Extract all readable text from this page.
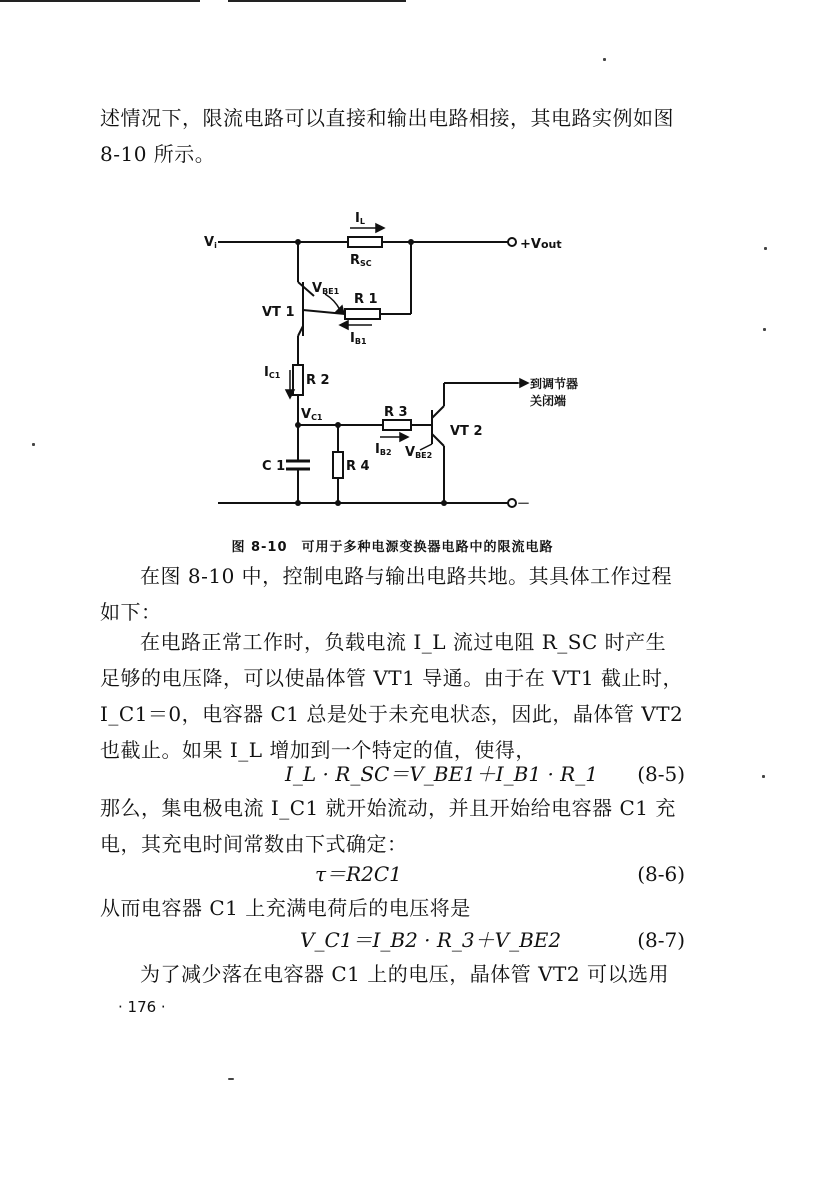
述情况下，限流电路可以直接和输出电路相接，其电路实例如图 8-10 所示。

Vi
IL
RSC
+Vout
VBE1
R 1
IB1
VT 1
IC1 R 2
VC1	R 3
IB2 VBE2
VT 2
C 1	R 4
到调节器
关闭端
－
图 8-10　可用于多种电源变换器电路中的限流电路

在图 8-10 中，控制电路与输出电路共地。其具体工作过程如下：

在电路正常工作时，负载电流 I_L 流过电阻 R_SC 时产生足够的电压降，可以使晶体管 VT1 导通。由于在 VT1 截止时，I_C1＝0，电容器 C1 总是处于未充电状态，因此，晶体管 VT2 也截止。如果 I_L 增加到一个特定的值，使得，

I_L · R_SC＝V_BE1＋I_B1 · R_1 (8-5)

那么，集电极电流 I_C1 就开始流动，并且开始给电容器 C1 充电，其充电时间常数由下式确定：

τ＝R2C1	(8-6)

从而电容器 C1 上充满电荷后的电压将是

V_C1＝I_B2 · R_3＋V_BE2	(8-7)

为了减少落在电容器 C1 上的电压，晶体管 VT2 可以选用

· 176 ·
